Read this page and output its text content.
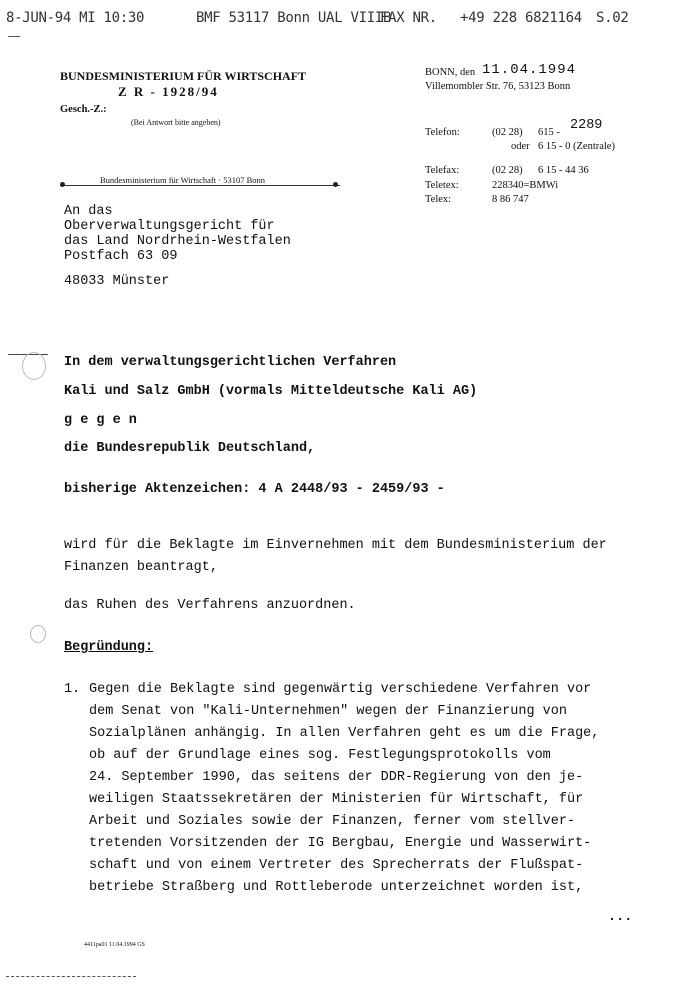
8-JUN-94 MI 10:30	BMF 53117 Bonn UAL VIIIB
FAX NR. +49 228 6821164 S.02
BUNDESMINISTERIUM FÜR WIRTSCHAFT
Z R - 1928/94
Gesch.-Z.:
(Bei Antwort bitte angeben)
BONN, den 11.04.1994
Villemombler Str. 76, 53123 Bonn
Telefon:	(02 28) 615 - 2289
oder 6 15 - 0 (Zentrale)
Telefax:	(02 28) 6 15 - 44 36
Teletex:	228340=BMWi
Telex:	8 86 747
Bundesministerium für Wirtschaft · 53107 Bonn
An das
Oberverwaltungsgericht für
das Land Nordrhein-Westfalen
Postfach 63 09
48033 Münster
In dem verwaltungsgerichtlichen Verfahren
Kali und Salz GmbH (vormals Mitteldeutsche Kali AG)
g e g e n
die Bundesrepublik Deutschland,
bisherige Aktenzeichen: 4 A 2448/93 - 2459/93 -
wird für die Beklagte im Einvernehmen mit dem Bundesministerium der
Finanzen beantragt,
das Ruhen des Verfahrens anzuordnen.
Begründung:
1. Gegen die Beklagte sind gegenwärtig verschiedene Verfahren vor
dem Senat von "Kali-Unternehmen" wegen der Finanzierung von
Sozialplänen anhängig. In allen Verfahren geht es um die Frage,
ob auf der Grundlage eines sog. Festlegungsprotokolls vom
24. September 1990, das seitens der DDR-Regierung von den je-
weiligen Staatssekretären der Ministerien für Wirtschaft, für
Arbeit und Soziales sowie der Finanzen, ferner vom stellver-
tretenden Vorsitzenden der IG Bergbau, Energie und Wasserwirt-
schaft und von einem Vertreter des Sprecherrats der Flußspat-
betriebe Straßberg und Rottleberode unterzeichnet worden ist,
...
4411pa01 11.04.1994 GS
